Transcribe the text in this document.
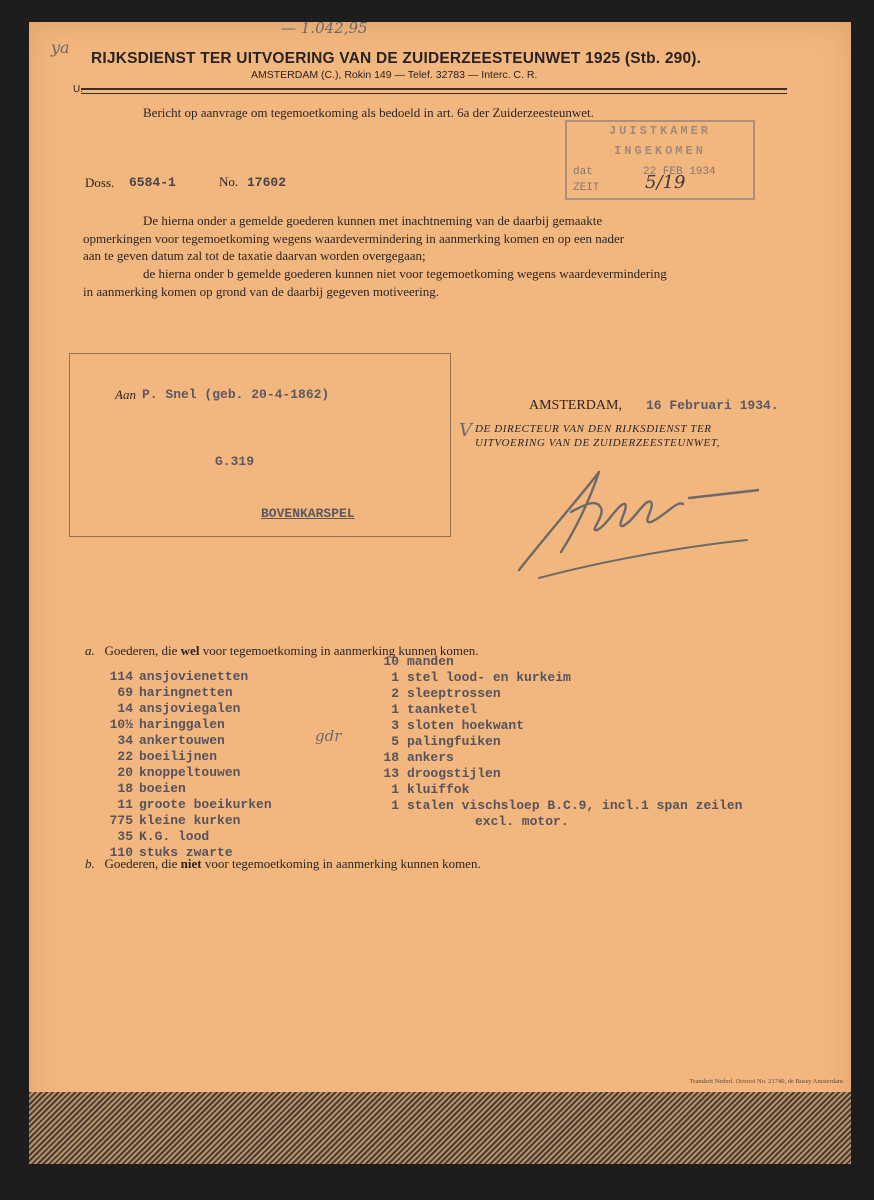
— 1.042,95
ya
RIJKSDIENST TER UITVOERING VAN DE ZUIDERZEESTEUNWET 1925 (Stb. 290).
AMSTERDAM (C.), Rokin 149 — Telef. 32783 — Interc. C. R.
U.
Bericht op aanvrage om tegemoetkoming als bedoeld in art. 6a der Zuiderzeesteunwet.
JUISTKAMER
INGEKOMEN
dat	22 FEB 1934
ZEIT	5/19
Doss. 6584-1	No. 17602
De hierna onder a gemelde goederen kunnen met inachtneming van de daarbij gemaakte
opmerkingen voor tegemoetkoming wegens waardevermindering in aanmerking komen en op een nader
aan te geven datum zal tot de taxatie daarvan worden overgegaan;
de hierna onder b gemelde goederen kunnen niet voor tegemoetkoming wegens waardevermindering
in aanmerking komen op grond van de daarbij gegeven motiveering.
Aan P. Snel (geb. 20-4-1862)
G.319
BOVENKARSPEL
V
AMSTERDAM, 16 Februari 1934.
DE DIRECTEUR VAN DEN RIJKSDIENST TER
UITVOERING VAN DE ZUIDERZEESTEUNWET,
a. Goederen, die wel voor tegemoetkoming in aanmerking kunnen komen.
114 ansjovienetten
69 haringnetten
14 ansjoviegalen
10½ haringgalen
34 ankertouwen
22 boeilijnen
20 knoppeltouwen
18 boeien
11 groote boeikurken
775 kleine kurken
35 K.G. lood
110 stuks zwarte
gdr
10 manden
1 stel lood- en kurkeim
2 sleeptrossen
1 taanketel
3 sloten hoekwant
5 palingfuiken
18 ankers
13 droogstijlen
1 kluiffok
1 stalen vischsloep B.C.9, incl.1 span zeilen
excl. motor.
b. Goederen, die niet voor tegemoetkoming in aanmerking kunnen komen.
Transkrit Nederl. Octrooi No. 21740, de Bussy Amsterdam
